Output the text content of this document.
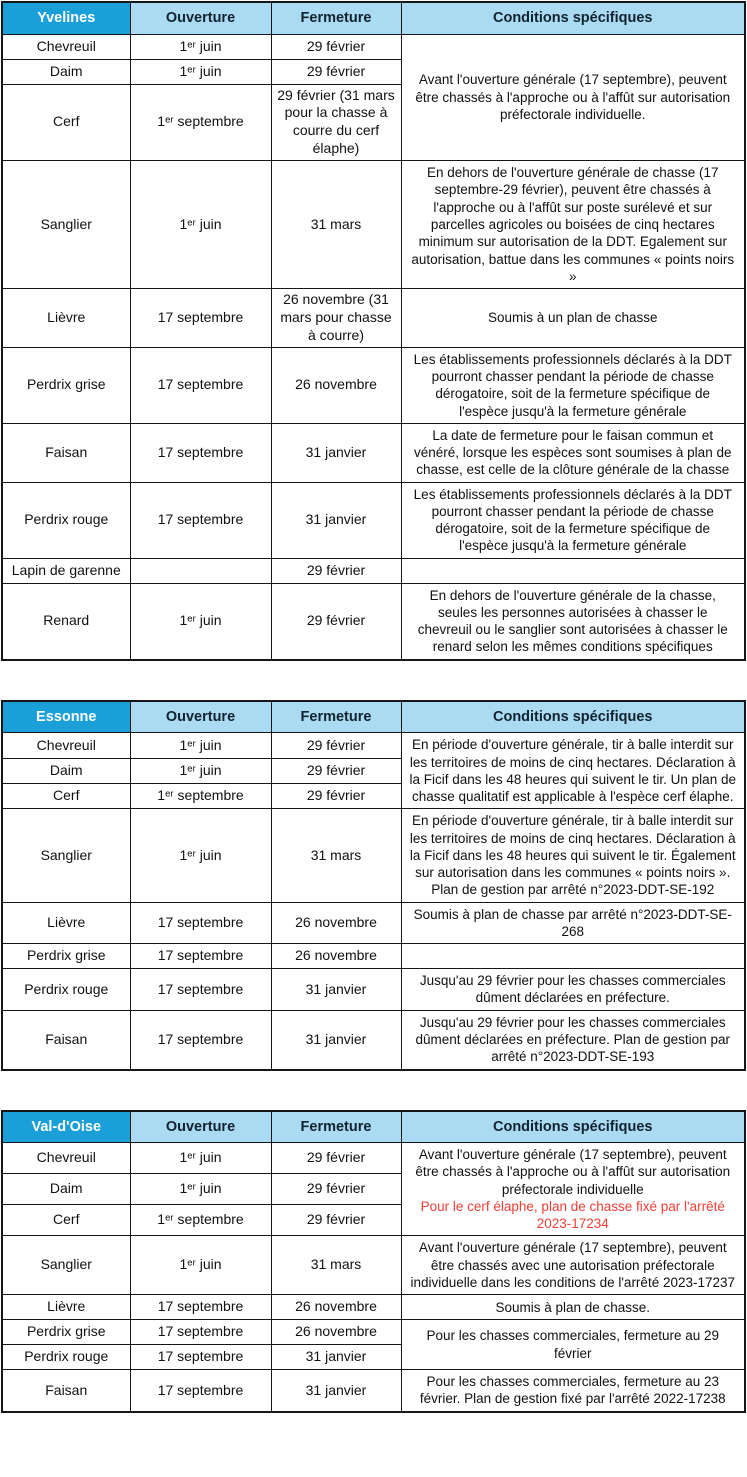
Yvelines	Ouverture	Fermeture	Conditions spécifiques
Chevreuil	1ᵉʳ juin	29 février	Avant l'ouverture générale (17 septembre), peuvent être chassés à l'approche ou à l'affût sur autorisation préfectorale individuelle.
Daim	1ᵉʳ juin	29 février	
Cerf	1ᵉʳ septembre	29 février (31 mars pour la chasse à courre du cerf élaphe)	
Sanglier	1ᵉʳ juin	31 mars	En dehors de l'ouverture générale de chasse (17 septembre-29 février), peuvent être chassés à l'approche ou à l'affût sur poste surélevé et sur parcelles agricoles ou boisées de cinq hectares minimum sur autorisation de la DDT. Egalement sur autorisation, battue dans les communes « points noirs »
Lièvre	17 septembre	26 novembre (31 mars pour chasse à courre)	Soumis à un plan de chasse
Perdrix grise	17 septembre	26 novembre	Les établissements professionnels déclarés à la DDT pourront chasser pendant la période de chasse dérogatoire, soit de la fermeture spécifique de l'espèce jusqu'à la fermeture générale
Faisan	17 septembre	31 janvier	La date de fermeture pour le faisan commun et vénéré, lorsque les espèces sont soumises à plan de chasse, est celle de la clôture générale de la chasse
Perdrix rouge	17 septembre	31 janvier	Les établissements professionnels déclarés à la DDT pourront chasser pendant la période de chasse dérogatoire, soit de la fermeture spécifique de l'espèce jusqu'à la fermeture générale
Lapin de garenne		29 février	
Renard	1ᵉʳ juin	29 février	En dehors de l'ouverture générale de la chasse, seules les personnes autorisées à chasser le chevreuil ou le sanglier sont autorisées à chasser le renard selon les mêmes conditions spécifiques
Essonne	Ouverture	Fermeture	Conditions spécifiques
Chevreuil	1ᵉʳ juin	29 février	En période d'ouverture générale, tir à balle interdit sur les territoires de moins de cinq hectares. Déclaration à la Ficif dans les 48 heures qui suivent le tir. Un plan de chasse qualitatif est applicable à l'espèce cerf élaphe.
Daim	1ᵉʳ juin	29 février	
Cerf	1ᵉʳ septembre	29 février	
Sanglier	1ᵉʳ juin	31 mars	En période d'ouverture générale, tir à balle interdit sur les territoires de moins de cinq hectares. Déclaration à la Ficif dans les 48 heures qui suivent le tir. Également sur autorisation dans les communes « points noirs ». Plan de gestion par arrêté n°2023-DDT-SE-192
Lièvre	17 septembre	26 novembre	Soumis à plan de chasse par arrêté n°2023-DDT-SE-268
Perdrix grise	17 septembre	26 novembre	
Perdrix rouge	17 septembre	31 janvier	Jusqu'au 29 février pour les chasses commerciales dûment déclarées en préfecture.
Faisan	17 septembre	31 janvier	Jusqu'au 29 février pour les chasses commerciales dûment déclarées en préfecture. Plan de gestion par arrêté n°2023-DDT-SE-193
Val-d'Oise	Ouverture	Fermeture	Conditions spécifiques
Chevreuil	1ᵉʳ juin	29 février	Avant l'ouverture générale (17 septembre), peuvent être chassés à l'approche ou à l'affût sur autorisation préfectorale individuelle
Pour le cerf élaphe, plan de chasse fixé par l'arrêté 2023-17234

Daim	1ᵉʳ juin	29 février	
Cerf	1ᵉʳ septembre	29 février	
Sanglier	1ᵉʳ juin	31 mars	Avant l'ouverture générale (17 septembre), peuvent être chassés avec une autorisation préfectorale individuelle dans les conditions de l'arrêté 2023-17237
Lièvre	17 septembre	26 novembre	Soumis à plan de chasse.
Perdrix grise	17 septembre	26 novembre	Pour les chasses commerciales, fermeture au 29 février
Perdrix rouge	17 septembre	31 janvier	
Faisan	17 septembre	31 janvier	Pour les chasses commerciales, fermeture au 23 février. Plan de gestion fixé par l'arrêté 2022-17238
